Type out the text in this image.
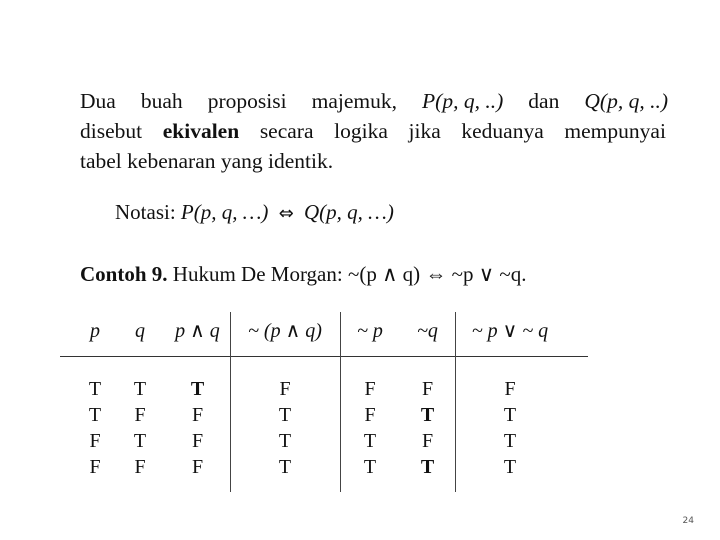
Dua buah proposisi majemuk, P(p, q, ..) dan Q(p, q, ..)
disebut ekivalen secara logika jika keduanya mempunyai
tabel kebenaran yang identik.
Notasi: P(p, q, …) ⇔ Q(p, q, …)
Contoh 9. Hukum De Morgan: ~(p ∧ q) ⇔ ~p ∨ ~q.
p
T
T
F
F
q
T
F
T
F
p ∧ q
T
F
F
F
~ (p ∧ q)
F
T
T
T
~ p
F
F
T
T
~q
F
T
F
T
~ p ∨ ~ q
F
T
T
T
24
